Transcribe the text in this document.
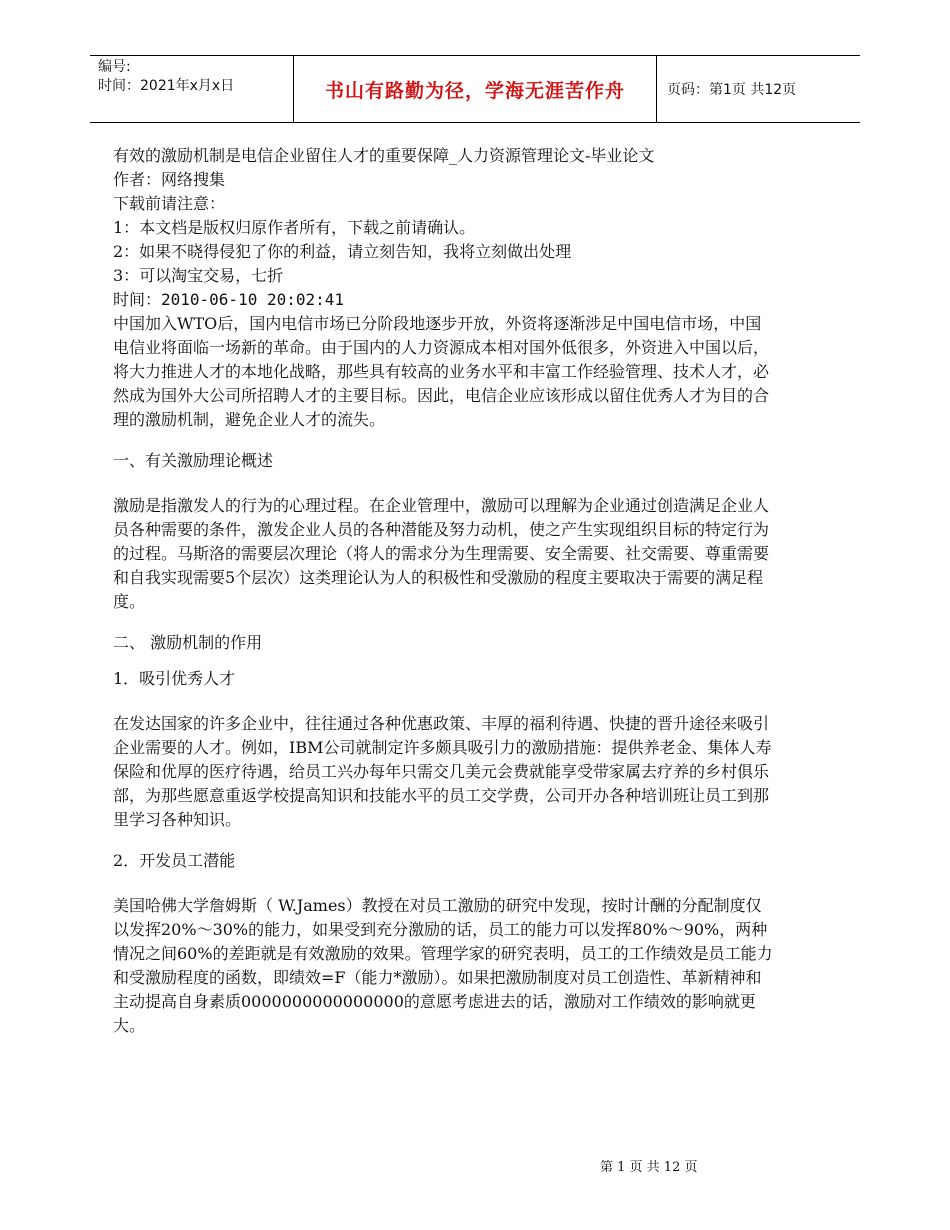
编号:
时间：2021年x月x日	书山有路勤为径，学海无涯苦作舟	页码：第1页 共12页

有效的激励机制是电信企业留住人才的重要保障_人力资源管理论文-毕业论文

作者：网络搜集

下载前请注意：

1：本文档是版权归原作者所有，下载之前请确认。

2：如果不晓得侵犯了你的利益，请立刻告知，我将立刻做出处理

3：可以淘宝交易，七折

时间：2010-06-10 20:02:41

中国加入WTO后，国内电信市场已分阶段地逐步开放，外资将逐渐涉足中国电信市场，中国电信业将面临一场新的革命。由于国内的人力资源成本相对国外低很多，外资进入中国以后，将大力推进人才的本地化战略，那些具有较高的业务水平和丰富工作经验管理、技术人才，必然成为国外大公司所招聘人才的主要目标。因此，电信企业应该形成以留住优秀人才为目的合理的激励机制，避免企业人才的流失。

一、有关激励理论概述

激励是指激发人的行为的心理过程。在企业管理中，激励可以理解为企业通过创造满足企业人员各种需要的条件，激发企业人员的各种潜能及努力动机，使之产生实现组织目标的特定行为的过程。马斯洛的需要层次理论（将人的需求分为生理需要、安全需要、社交需要、尊重需要和自我实现需要5个层次）这类理论认为人的积极性和受激励的程度主要取决于需要的满足程度。

二、 激励机制的作用

1．吸引优秀人才

在发达国家的许多企业中，往往通过各种优惠政策、丰厚的福利待遇、快捷的晋升途径来吸引企业需要的人才。例如，IBM公司就制定许多颇具吸引力的激励措施：提供养老金、集体人寿保险和优厚的医疗待遇，给员工兴办每年只需交几美元会费就能享受带家属去疗养的乡村俱乐部，为那些愿意重返学校提高知识和技能水平的员工交学费，公司开办各种培训班让员工到那里学习各种知识。

2．开发员工潜能

美国哈佛大学詹姆斯（ W.James）教授在对员工激励的研究中发现，按时计酬的分配制度仅以发挥20%～30%的能力，如果受到充分激励的话，员工的能力可以发挥80%～90%，两种情况之间60%的差距就是有效激励的效果。管理学家的研究表明，员工的工作绩效是员工能力和受激励程度的函数，即绩效=F（能力*激励）。如果把激励制度对员工创造性、革新精神和主动提高自身素质0000000000000000的意愿考虑进去的话，激励对工作绩效的影响就更大。

第 1 页 共 12 页
